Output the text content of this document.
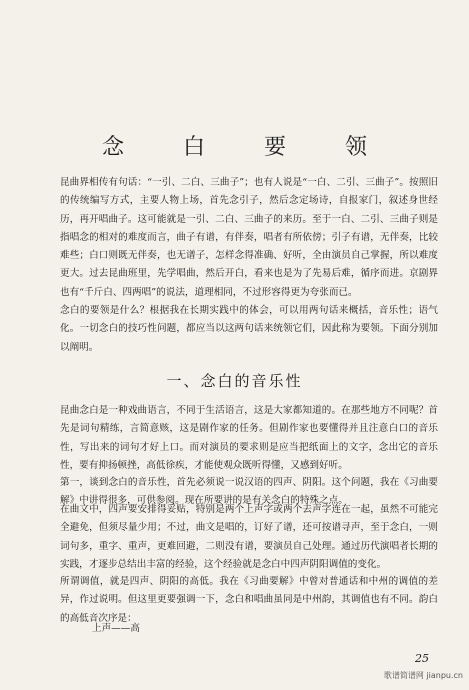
念 白 要 领

昆曲界相传有句话：“一引、二白、三曲子”；也有人说是“一白、二引、三曲子”。按照旧的传统编写方式，主要人物上场，首先念引子，然后念定场诗，自报家门，叙述身世经历，再开唱曲子。这可能就是一引、二白、三曲子的来历。至于一白、二引、三曲子则是指唱念的相对的难度而言，曲子有谱，有伴奏，唱者有所依傍；引子有谱，无伴奏，比较难些；白口则既无伴奏，也无谱子，怎样念得准确、好听，全由演员自己掌握，所以难度更大。过去昆曲班里，先学唱曲，然后开白，看来也是为了先易后难，循序而进。京剧界也有“千斤白、四两唱”的说法，道理相同，不过形容得更为夸张而已。

念白的要领是什么？根据我在长期实践中的体会，可以用两句话来概括，音乐性；语气化。一切念白的技巧性问题，都应当以这两句话来统领它们，因此称为要领。下面分别加以阐明。

一、念白的音乐性

昆曲念白是一种戏曲语言，不同于生活语言，这是大家都知道的。在那些地方不同呢？首先是词句精练，言简意赅，这是剧作家的任务。但剧作家也要懂得并且注意白口的音乐性，写出来的词句才好上口。而对演员的要求则是应当把纸面上的文字，念出它的音乐性，要有抑扬顿挫，高低徐疾，才能使观众既听得懂，又感到好听。

第一，谈到念白的音乐性，首先必须说一说汉语的四声、阴阳。这个问题，我在《习曲要解》中讲得很多，可供参阅。现在所要讲的是有关念白的特殊之点。

在曲文中，四声要安排得妥贴，特别是两个上声字或两个去声字连在一起，虽然不可能完全避免，但须尽量少用；不过，曲文是唱的，订好了谱，还可按谱寻声，至于念白，一则词句多，重字、重声，更难回避，二则没有谱，要演员自己处理。通过历代演唱者长期的实践，才逐步总结出丰富的经验，这个经验就是念白中四声阴阳调值的变化。

所谓调值，就是四声、阴阳的高低。我在《习曲要解》中曾对普通话和中州的调值的差异，作过说明。但这里更要强调一下，念白和唱曲虽同是中州韵，其调值也有不同。韵白的高低音次序是：

上声——高

25
歌谱简谱网 jianpu.cn
